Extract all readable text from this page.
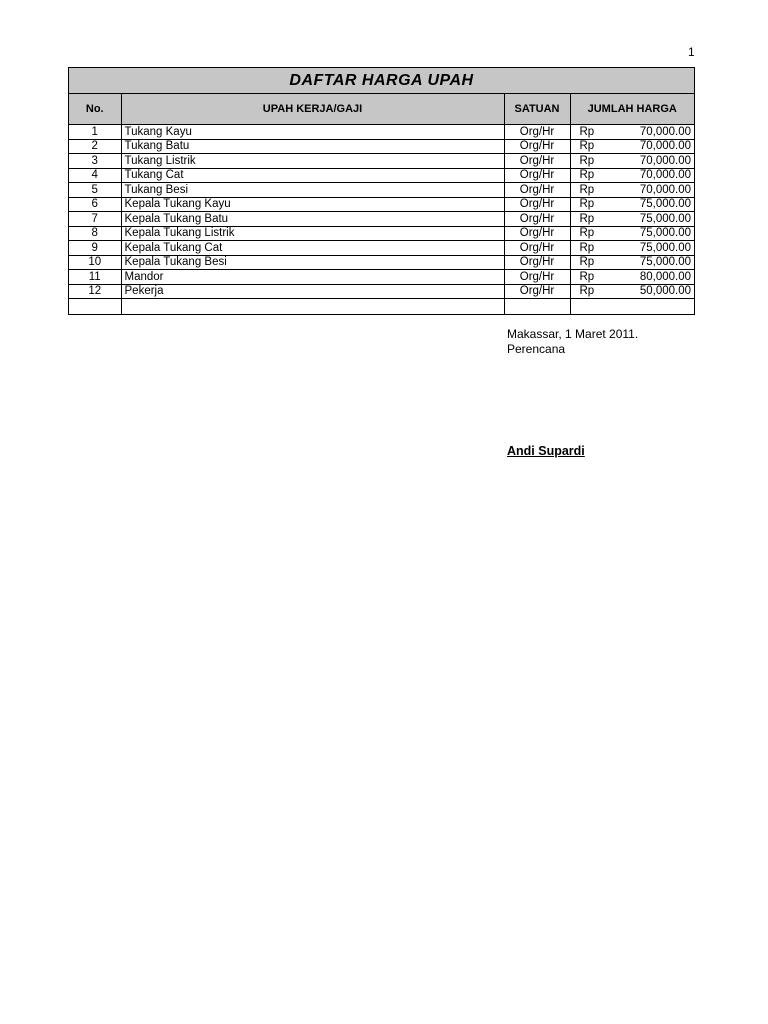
1
DAFTAR HARGA UPAH
No.	UPAH KERJA/GAJI	SATUAN	JUMLAH HARGA
1	Tukang Kayu	Org/Hr	Rp 70,000.00

2	Tukang Batu	Org/Hr	Rp 70,000.00

3	Tukang Listrik	Org/Hr	Rp 70,000.00

4	Tukang Cat	Org/Hr	Rp 70,000.00

5	Tukang Besi	Org/Hr	Rp 70,000.00

6	Kepala Tukang Kayu	Org/Hr	Rp 75,000.00

7	Kepala Tukang Batu	Org/Hr	Rp 75,000.00

8	Kepala Tukang Listrik	Org/Hr	Rp 75,000.00

9	Kepala Tukang Cat	Org/Hr	Rp 75,000.00

10	Kepala Tukang Besi	Org/Hr	Rp 75,000.00

11	Mandor	Org/Hr	Rp 80,000.00

12	Pekerja	Org/Hr	Rp 50,000.00

Makassar, 1 Maret 2011.
Perencana
Andi Supardi
